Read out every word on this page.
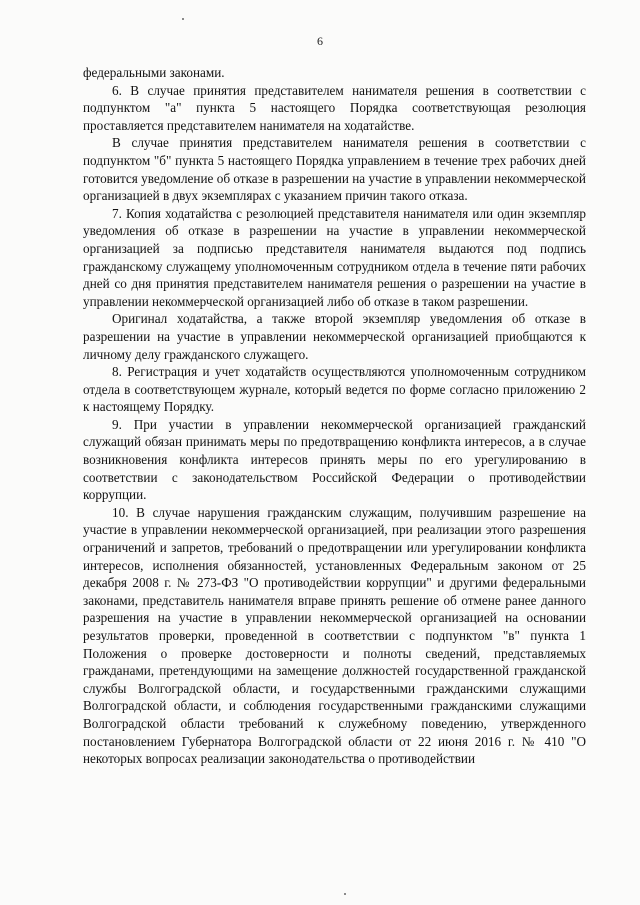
6

федеральными законами.

6. В случае принятия представителем нанимателя решения в соответствии с подпунктом "а" пункта 5 настоящего Порядка соответствующая резолюция проставляется представителем нанимателя на ходатайстве.

В случае принятия представителем нанимателя решения в соответствии с подпунктом "б" пункта 5 настоящего Порядка управлением в течение трех рабочих дней готовится уведомление об отказе в разрешении на участие в управлении некоммерческой организацией в двух экземплярах с указанием причин такого отказа.

7. Копия ходатайства с резолюцией представителя нанимателя или один экземпляр уведомления об отказе в разрешении на участие в управлении некоммерческой организацией за подписью представителя нанимателя выдаются под подпись гражданскому служащему уполномоченным сотрудником отдела в течение пяти рабочих дней со дня принятия представителем нанимателя решения о разрешении на участие в управлении некоммерческой организацией либо об отказе в таком разрешении.

Оригинал ходатайства, а также второй экземпляр уведомления об отказе в разрешении на участие в управлении некоммерческой организацией приобщаются к личному делу гражданского служащего.

8. Регистрация и учет ходатайств осуществляются уполномоченным сотрудником отдела в соответствующем журнале, который ведется по форме согласно приложению 2 к настоящему Порядку.

9. При участии в управлении некоммерческой организацией гражданский служащий обязан принимать меры по предотвращению конфликта интересов, а в случае возникновения конфликта интересов принять меры по его урегулированию в соответствии с законодательством Российской Федерации о противодействии коррупции.

10. В случае нарушения гражданским служащим, получившим разрешение на участие в управлении некоммерческой организацией, при реализации этого разрешения ограничений и запретов, требований о предотвращении или урегулировании конфликта интересов, исполнения обязанностей, установленных Федеральным законом от 25 декабря 2008 г. № 273-ФЗ "О противодействии коррупции" и другими федеральными законами, представитель нанимателя вправе принять решение об отмене ранее данного разрешения на участие в управлении некоммерческой организацией на основании результатов проверки, проведенной в соответствии с подпунктом "в" пункта 1 Положения о проверке достоверности и полноты сведений, представляемых гражданами, претендующими на замещение должностей государственной гражданской службы Волгоградской области, и государственными гражданскими служащими Волгоградской области, и соблюдения государственными гражданскими служащими Волгоградской области требований к служебному поведению, утвержденного постановлением Губернатора Волгоградской области от 22 июня 2016 г. № 410 "О некоторых вопросах реализации законодательства о противодействии
